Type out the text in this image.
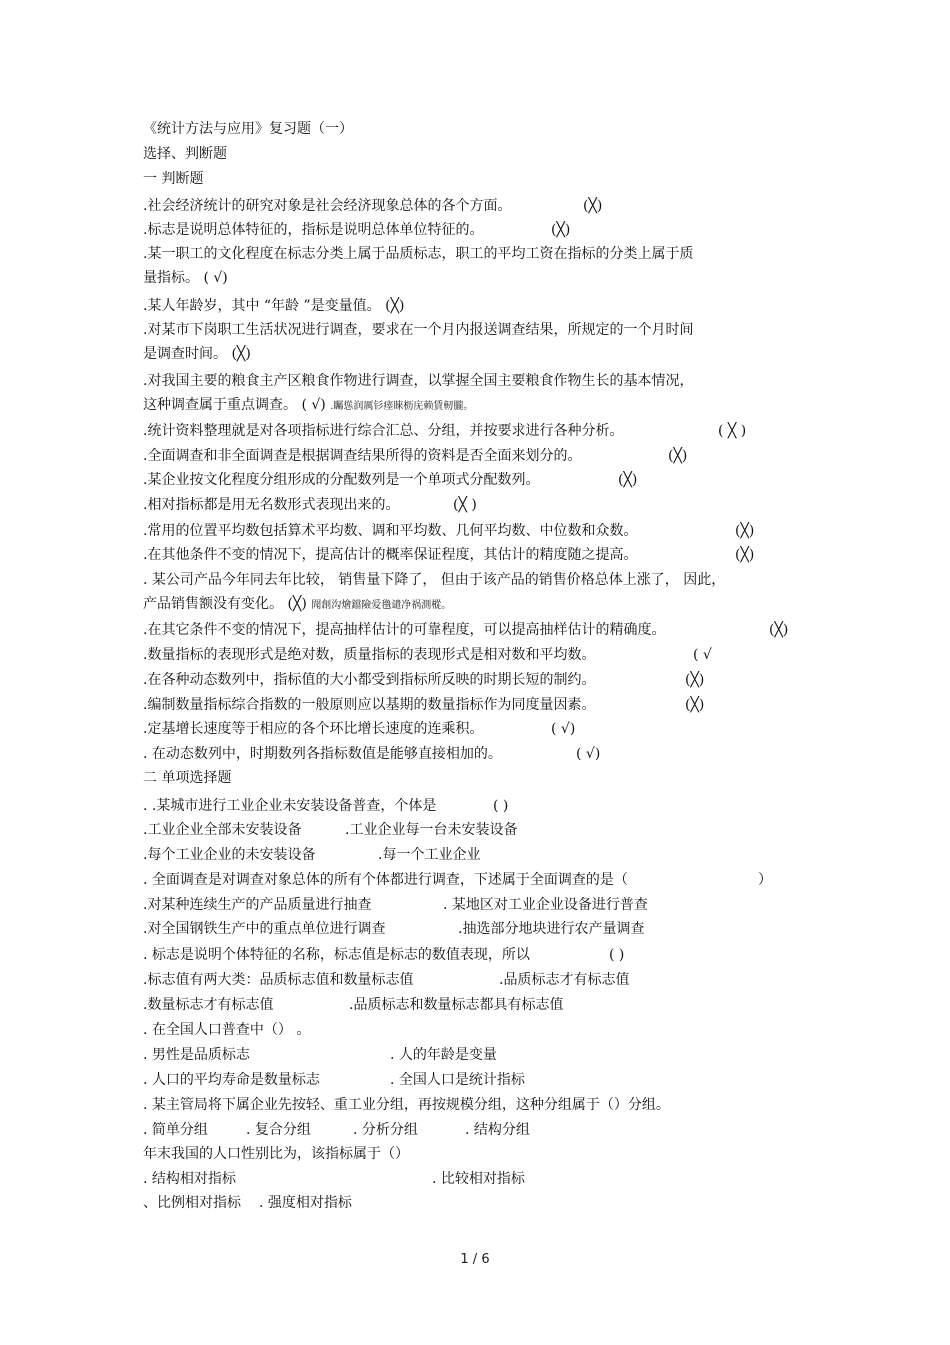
《统计方法与应用》复习题（一）
选择、判断题
一 判断题
.社会经济统计的研究对象是社会经济现象总体的各个方面。	(╳)
.标志是说明总体特征的，指标是说明总体单位特征的。	(╳)
.某一职工的文化程度在标志分类上属于品质标志，职工的平均工资在指标的分类上属于质
量指标。 ( √)
.某人年龄岁，其中 “年龄 ”是变量值。 (╳)
.对某市下岗职工生活状况进行调查，要求在一个月内报送调查结果，所规定的一个月时间
是调查时间。 (╳)
.对我国主要的粮食主产区粮食作物进行调查，以掌握全国主要粮食作物生长的基本情况，
这种调查属于重点调查。 ( √) .矚慫润厲钐瘗睞枥庑赖賃軔朧。
.统计资料整理就是对各项指标进行综合汇总、分组，并按要求进行各种分析。	( ╳ )
.全面调查和非全面调查是根据调查结果所得的资料是否全面来划分的。	(╳)
.某企业按文化程度分组形成的分配数列是一个单项式分配数列。	(╳)
.相对指标都是用无名数形式表现出来的。	(╳ )
.常用的位置平均数包括算术平均数、调和平均数、几何平均数、中位数和众数。	(╳)
.在其他条件不变的情况下，提高估计的概率保证程度，其估计的精度随之提高。	(╳)
. 某公司产品今年同去年比较， 销售量下降了， 但由于该产品的销售价格总体上涨了， 因此，
产品销售额没有变化。 (╳) 聞創沟燴鐺險爱氇谴净祸測樅。
.在其它条件不变的情况下，提高抽样估计的可靠程度，可以提高抽样估计的精确度。	(╳)
.数量指标的表现形式是绝对数，质量指标的表现形式是相对数和平均数。	( √
.在各种动态数列中，指标值的大小都受到指标所反映的时期长短的制约。	(╳)
.编制数量指标综合指数的一般原则应以基期的数量指标作为同度量因素。	(╳)
.定基增长速度等于相应的各个环比增长速度的连乘积。	( √)
. 在动态数列中，时期数列各指标数值是能够直接相加的。	( √)
二 单项选择题
. .某城市进行工业企业未安装设备普查，个体是	( )
.工业企业全部未安装设备	.工业企业每一台未安装设备
.每个工业企业的未安装设备	.每一个工业企业
. 全面调查是对调查对象总体的所有个体都进行调查，下述属于全面调查的是（	）
.对某种连续生产的产品质量进行抽查	. 某地区对工业企业设备进行普查
.对全国钢铁生产中的重点单位进行调查	.抽选部分地块进行农产量调查
. 标志是说明个体特征的名称，标志值是标志的数值表现，所以	( )
.标志值有两大类：品质标志值和数量标志值	.品质标志才有标志值
.数量标志才有标志值	.品质标志和数量标志都具有标志值
. 在全国人口普查中（） 。
. 男性是品质标志	. 人的年龄是变量
. 人口的平均寿命是数量标志	. 全国人口是统计指标
. 某主管局将下属企业先按轻、重工业分组，再按规模分组，这种分组属于（）分组。
. 简单分组	. 复合分组	. 分析分组	. 结构分组
年末我国的人口性别比为，该指标属于（）
. 结构相对指标	. 比较相对指标
、比例相对指标 . 强度相对指标
1 / 6
